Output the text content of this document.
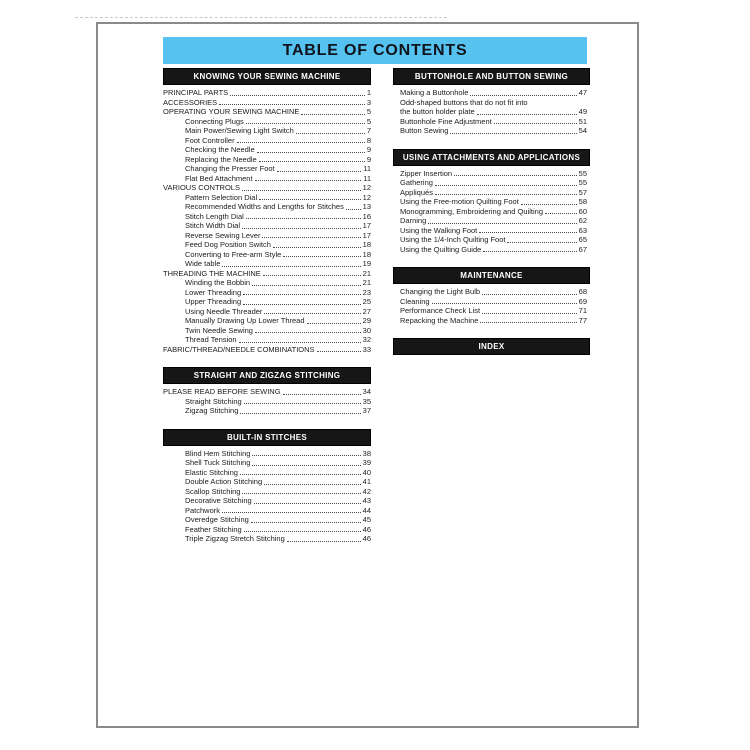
TABLE OF CONTENTS
KNOWING YOUR SEWING MACHINE
PRINCIPAL PARTS	1
ACCESSORIES	3
OPERATING YOUR SEWING MACHINE	5
Connecting Plugs	5
Main Power/Sewing Light Switch	7
Foot Controller	8
Checking the Needle	9
Replacing the Needle	9
Changing the Presser Foot	11
Flat Bed Attachment	11
VARIOUS CONTROLS	12
Pattern Selection Dial	12
Recommended Widths and Lengths for Stitches	13
Stitch Length Dial	16
Stitch Width Dial	17
Reverse Sewing Lever	17
Feed Dog Position Switch	18
Converting to Free-arm Style	18
Wide table	19
THREADING THE MACHINE	21
Winding the Bobbin	21
Lower Threading	23
Upper Threading	25
Using Needle Threader	27
Manually Drawing Up Lower Thread	29
Twin Needle Sewing	30
Thread Tension	32
FABRIC/THREAD/NEEDLE COMBINATIONS	33
STRAIGHT AND ZIGZAG STITCHING
PLEASE READ BEFORE SEWING	34
Straight Stitching	35
Zigzag Stitching	37
BUILT-IN STITCHES
Blind Hem Stitching	38
Shell Tuck Stitching	39
Elastic Stitching	40
Double Action Stitching	41
Scallop Stitching	42
Decorative Stitching	43
Patchwork	44
Overedge Stitching	45
Feather Stitching	46
Triple Zigzag Stretch Stitching	46
BUTTONHOLE AND BUTTON SEWING
Making a Buttonhole	47
Odd-shaped buttons that do not fit into
the button holder plate	49
Buttonhole Fine Adjustment	51
Button Sewing	54
USING ATTACHMENTS AND APPLICATIONS
Zipper Insertion	55
Gathering	55
Appliqués	57
Using the Free-motion Quilting Foot	58
Monogramming, Embroidering and Quilting	60
Darning	62
Using the Walking Foot	63
Using the 1/4-Inch Quilting Foot	65
Using the Quilting Guide	67
MAINTENANCE
Changing the Light Bulb	68
Cleaning	69
Performance Check List	71
Repacking the Machine	77
INDEX
